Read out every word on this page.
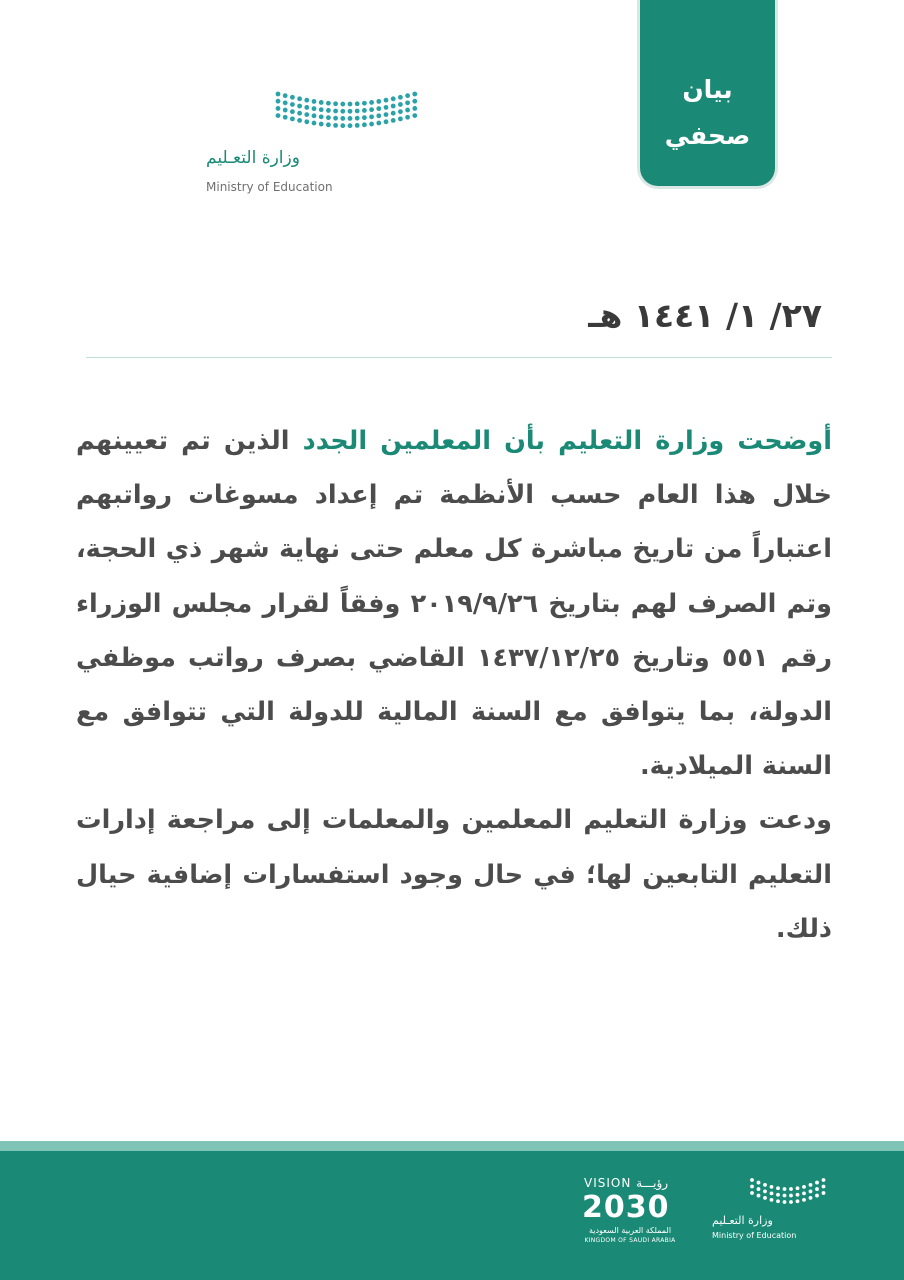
بيان
صحفي
وزارة التعـليم
Ministry of Education
٢٧/ ١/ ١٤٤١ هـ

أوضحت وزارة التعليم بأن المعلمين الجدد الذين تم تعيينهم خلال هذا العام حسب الأنظمة تم إعداد مسوغات رواتبهم اعتباراً من تاريخ مباشرة كل معلم حتى نهاية شهر ذي الحجة، وتم الصرف لهم بتاريخ ٢٠١٩/٩/٢٦ وفقاً لقرار مجلس الوزراء رقم ٥٥١ وتاريخ ١٤٣٧/١٢/٢٥ القاضي بصرف رواتب موظفي الدولة، بما يتوافق مع السنة المالية للدولة التي تتوافق مع السنة الميلادية.

ودعت وزارة التعليم المعلمين والمعلمات إلى مراجعة إدارات التعليم التابعين لها؛ في حال وجود استفسارات إضافية حيال ذلك.

VISION رؤيـــة
2030
المملكة العربية السعودية
KINGDOM OF SAUDI ARABIA
وزارة التعـليم
Ministry of Education
